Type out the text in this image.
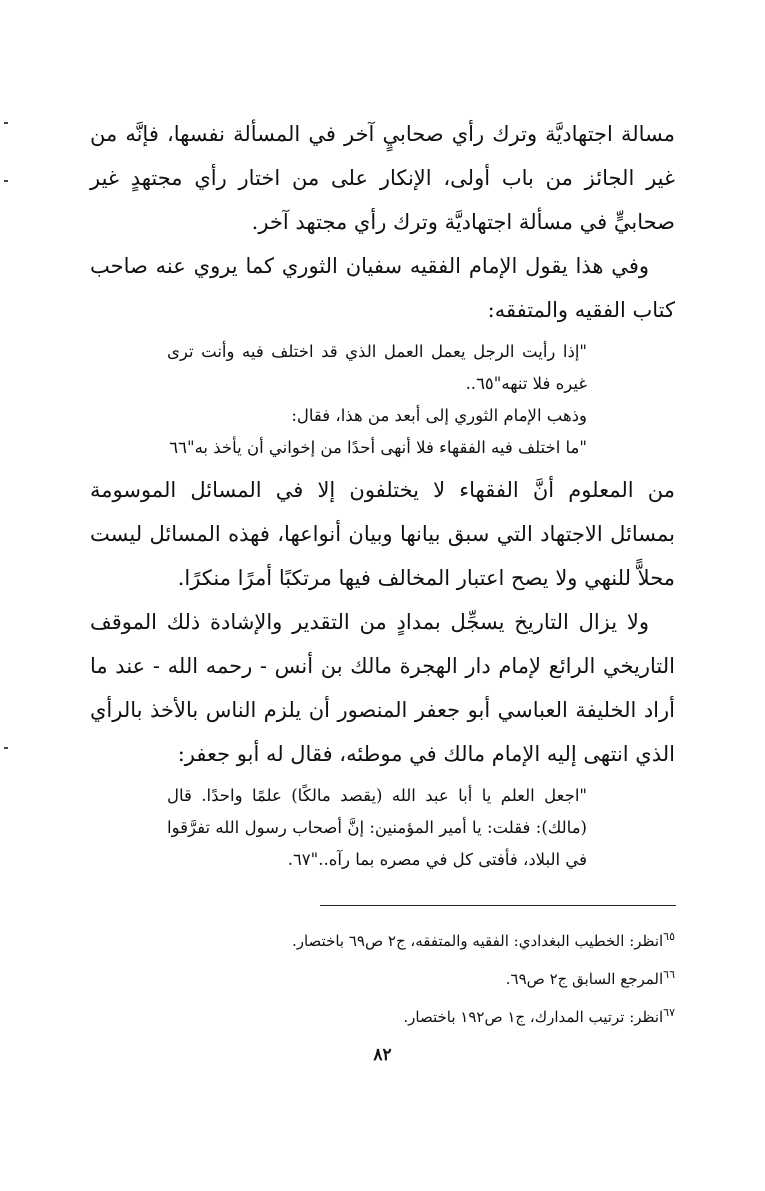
مسالة اجتهاديَّة وترك رأي صحابيٍ آخر في المسألة نفسها، فإنَّه من غير الجائز من باب أولى، الإنكار على من اختار رأي مجتهدٍ غير صحابيٍّ في مسألة اجتهاديَّة وترك رأي مجتهد آخر.

وفي هذا يقول الإمام الفقيه سفيان الثوري كما يروي عنه صاحب كتاب الفقيه والمتفقه:

"إذا رأيت الرجل يعمل العمل الذي قد اختلف فيه وأنت ترى غيره فلا تنهه"٦٥..

وذهب الإمام الثوري إلى أبعد من هذا، فقال:

"ما اختلف فيه الفقهاء فلا أنهى أحدًا من إخواني أن يأخذ به"٦٦

من المعلوم أنَّ الفقهاء لا يختلفون إلا في المسائل الموسومة بمسائل الاجتهاد التي سبق بيانها وبيان أنواعها، فهذه المسائل ليست محلاًّ للنهي ولا يصح اعتبار المخالف فيها مرتكبًا أمرًا منكرًا.

ولا يزال التاريخ يسجِّل بمدادٍ من التقدير والإشادة ذلك الموقف التاريخي الرائع لإمام دار الهجرة مالك بن أنس - رحمه الله - عند ما أراد الخليفة العباسي أبو جعفر المنصور أن يلزم الناس بالأخذ بالرأي الذي انتهى إليه الإمام مالك في موطئه، فقال له أبو جعفر:

"اجعل العلم يا أبا عبد الله (يقصد مالكًا) علمًا واحدًا. قال (مالك): فقلت: يا أمير المؤمنين: إنَّ أصحاب رسول الله تفرَّقوا في البلاد، فأفتى كل في مصره بما رآه.."٦٧.

$^{٦٥}$انظر: الخطيب البغدادي: الفقيه والمتفقه، ج٢ ص٦٩ باختصار.

$^{٦٦}$المرجع السابق ج٢ ص٦٩.

$^{٦٧}$انظر: ترتيب المدارك، ج١ ص١٩٢ باختصار.

٨٢
